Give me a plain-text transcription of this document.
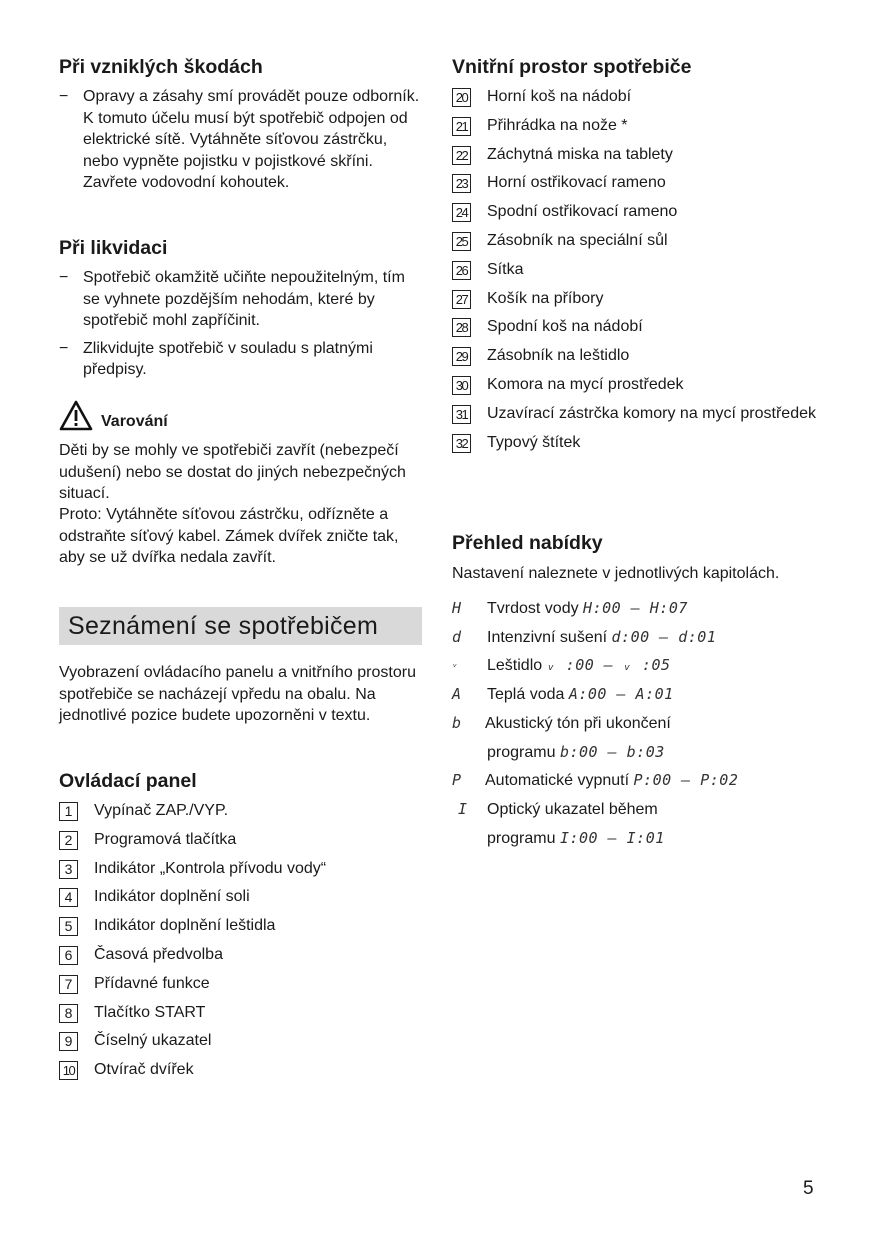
Při vzniklých škodách
− Opravy a zásahy smí provádět pouze odborník. K tomuto účelu musí být spotřebič odpojen od elektrické sítě. Vytáhněte síťovou zástrčku, nebo vypněte pojistku v pojistkové skříni. Zavřete vodovodní kohoutek.
Při likvidaci
− Spotřebič okamžitě učiňte nepoužitelným, tím se vyhnete pozdějším nehodám, které by spotřebič mohl zapříčinit.
− Zlikvidujte spotřebič v souladu s platnými předpisy.
Varování
Děti by se mohly ve spotřebiči zavřít (nebezpečí udušení) nebo se dostat do jiných nebezpečných situací.
Proto: Vytáhněte síťovou zástrčku, odřízněte a odstraňte síťový kabel. Zámek dvířek zničte tak, aby se už dvířka nedala zavřít.
Seznámení se spotřebičem
Vyobrazení ovládacího panelu a vnitřního prostoru spotřebiče se nacházejí vpředu na obalu. Na jednotlivé pozice budete upozorněni v textu.
Ovládací panel
1	Vypínač ZAP./VYP.
2	Programová tlačítka
3	Indikátor „Kontrola přívodu vody“
4	Indikátor doplnění soli
5	Indikátor doplnění leštidla
6	Časová předvolba
7	Přídavné funkce
8	Tlačítko START
9	Číselný ukazatel
10 Otvírač dvířek
Vnitřní prostor spotřebiče
20 Horní koš na nádobí
21 Přihrádka na nože *
22 Záchytná miska na tablety
23 Horní ostřikovací rameno
24 Spodní ostřikovací rameno
25 Zásobník na speciální sůl
26 Sítka
27 Košík na příbory
28 Spodní koš na nádobí
29 Zásobník na leštidlo
30 Komora na mycí prostředek
31 Uzavírací zástrčka komory na mycí prostředek
32 Typový štítek
Přehled nabídky
Nastavení naleznete v jednotlivých kapitolách.
H Tvrdost vody H:00 – H:07
d Intenzivní sušení d:00 – d:01
ᵥ Leštidlo ᵥ :00 – ᵥ :05
A Teplá voda A:00 – A:01
b Akustický tón při ukončení
programu b:00 – b:03
P Automatické vypnutí P:00 – P:02
I Optický ukazatel během
programu I:00 – I:01
5
